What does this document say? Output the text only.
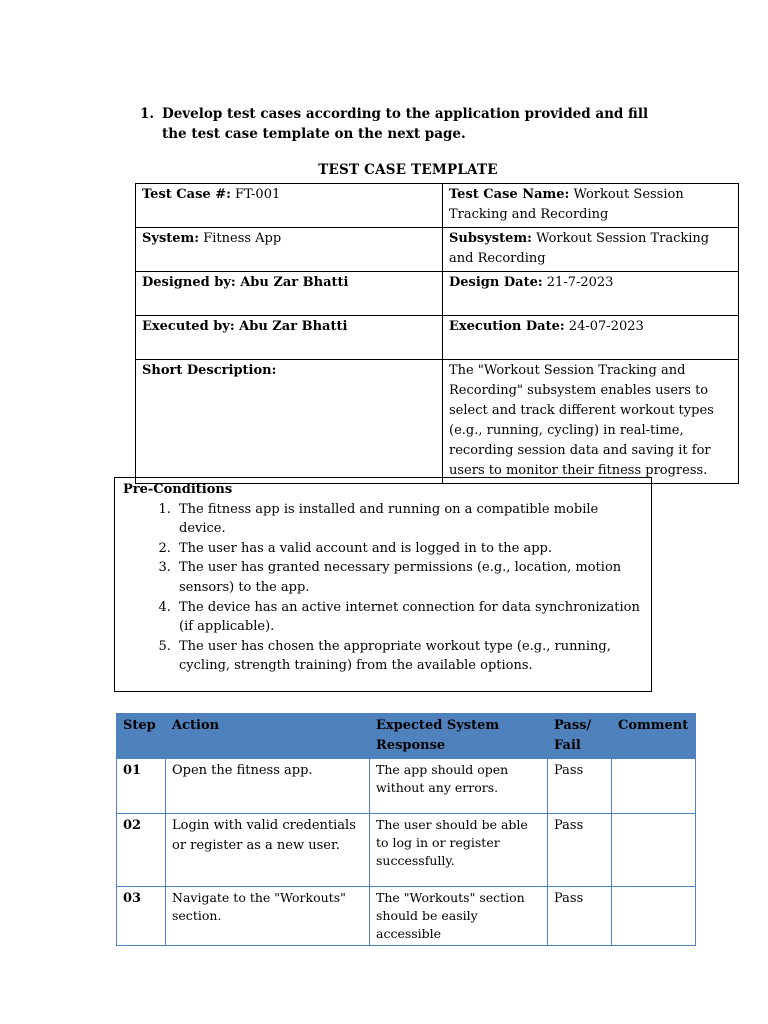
1. Develop test cases according to the application provided and fill the test case template on the next page.
TEST CASE TEMPLATE
Test Case #: FT-001	Test Case Name: Workout Session Tracking and Recording
System: Fitness App	Subsystem: Workout Session Tracking and Recording
Designed by: Abu Zar Bhatti	Design Date: 21-7-2023
Executed by: Abu Zar Bhatti	Execution Date: 24-07-2023
Short Description:	The "Workout Session Tracking and Recording" subsystem enables users to select and track different workout types (e.g., running, cycling) in real-time, recording session data and saving it for users to monitor their fitness progress.
Pre-Conditions
1. The fitness app is installed and running on a compatible mobile device.
2. The user has a valid account and is logged in to the app.
3. The user has granted necessary permissions (e.g., location, motion sensors) to the app.
4. The device has an active internet connection for data synchronization (if applicable).
5. The user has chosen the appropriate workout type (e.g., running, cycling, strength training) from the available options.
Step	Action	Expected System Response	Pass/ Fail	Comment
01	Open the fitness app.	The app should open without any errors.	Pass	
02	Login with valid credentials or register as a new user.	The user should be able to log in or register successfully.	Pass	
03	Navigate to the "Workouts" section.	The "Workouts" section should be easily accessible	Pass	
